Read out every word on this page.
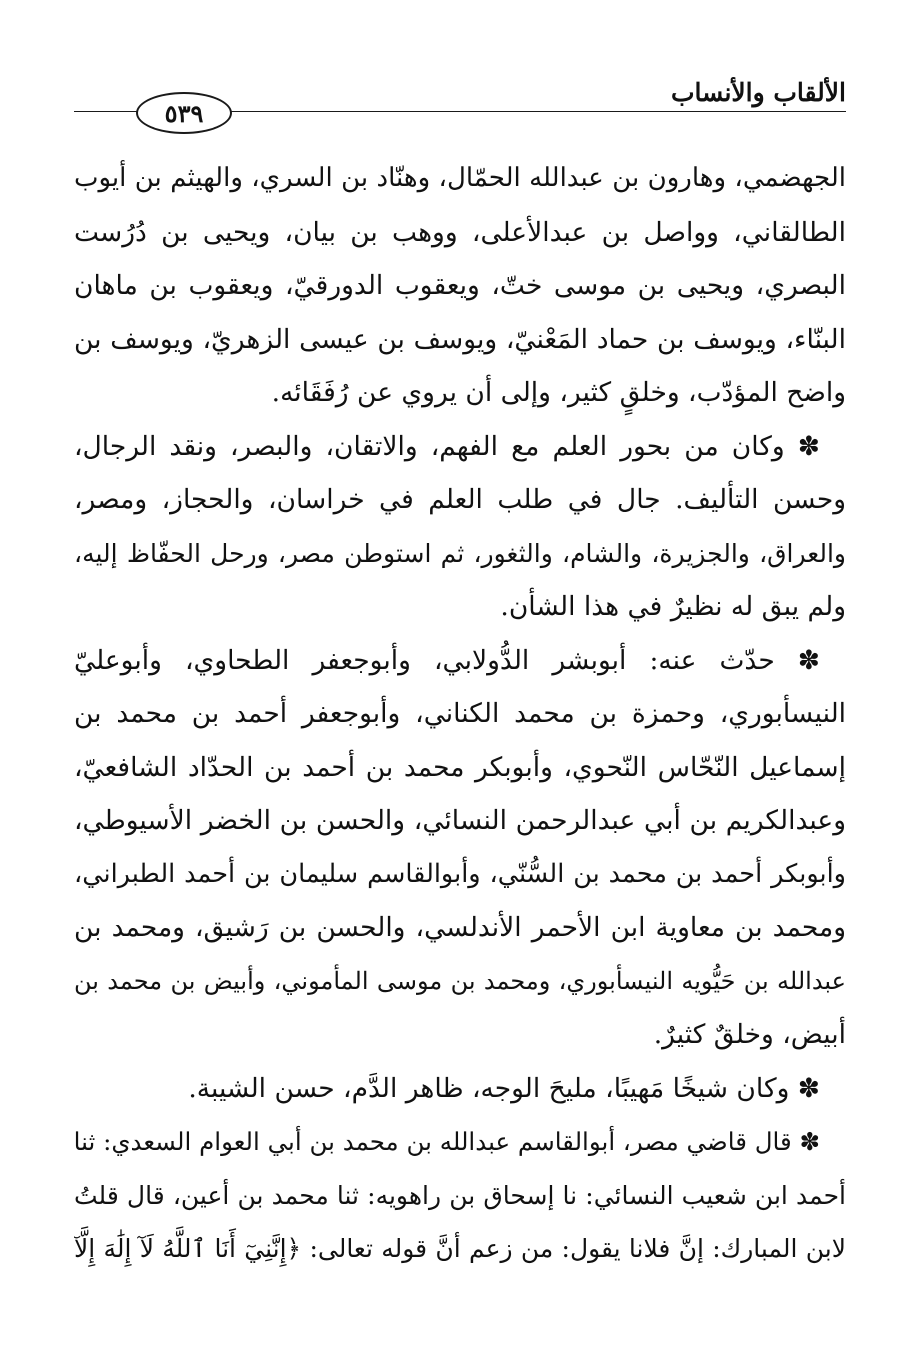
الألقاب والأنساب
٥٣٩
الجهضمي، وهارون بن عبدالله الحمّال، وهنّاد بن السري، والهيثم بن أيوب
الطالقاني، وواصل بن عبدالأعلى، ووهب بن بيان، ويحيى بن دُرُست
البصري، ويحيى بن موسى ختّ، ويعقوب الدورقيّ، ويعقوب بن ماهان
البنّاء، ويوسف بن حماد المَعْنيّ، ويوسف بن عيسى الزهريّ، ويوسف بن
واضح المؤدّب، وخلقٍ كثير، وإلى أن يروي عن رُفَقَائه.
✽ وكان من بحور العلم مع الفهم، والاتقان، والبصر، ونقد الرجال،
وحسن التأليف. جال في طلب العلم في خراسان، والحجاز، ومصر،
والعراق، والجزيرة، والشام، والثغور، ثم استوطن مصر، ورحل الحفّاظ إليه،
ولم يبق له نظيرٌ في هذا الشأن.
✽ حدّث عنه: أبوبشر الدُّولابي، وأبوجعفر الطحاوي، وأبوعليّ
النيسأبوري، وحمزة بن محمد الكناني، وأبوجعفر أحمد بن محمد بن
إسماعيل النّحّاس النّحوي، وأبوبكر محمد بن أحمد بن الحدّاد الشافعيّ،
وعبدالكريم بن أبي عبدالرحمن النسائي، والحسن بن الخضر الأسيوطي،
وأبوبكر أحمد بن محمد بن السُّنّي، وأبوالقاسم سليمان بن أحمد الطبراني،
ومحمد بن معاوية ابن الأحمر الأندلسي، والحسن بن رَشيق، ومحمد بن
عبدالله بن حَيُّويه النيسأبوري، ومحمد بن موسى المأموني، وأبيض بن محمد بن
أبيض، وخلقٌ كثيرٌ.
✽ وكان شيخًا مَهيبًا، مليحَ الوجه، ظاهر الدَّم، حسن الشيبة.
✽ قال قاضي مصر، أبوالقاسم عبدالله بن محمد بن أبي العوام السعدي: ثنا
أحمد ابن شعيب النسائي: نا إسحاق بن راهويه: ثنا محمد بن أعين، قال قلتُ
لابن المبارك: إنَّ فلانا يقول: من زعم أنَّ قوله تعالى: ﴿إِنَّنِيٓ أَنَا ٱللَّهُ لَآ إِلَٰهَ إِلَّآ
